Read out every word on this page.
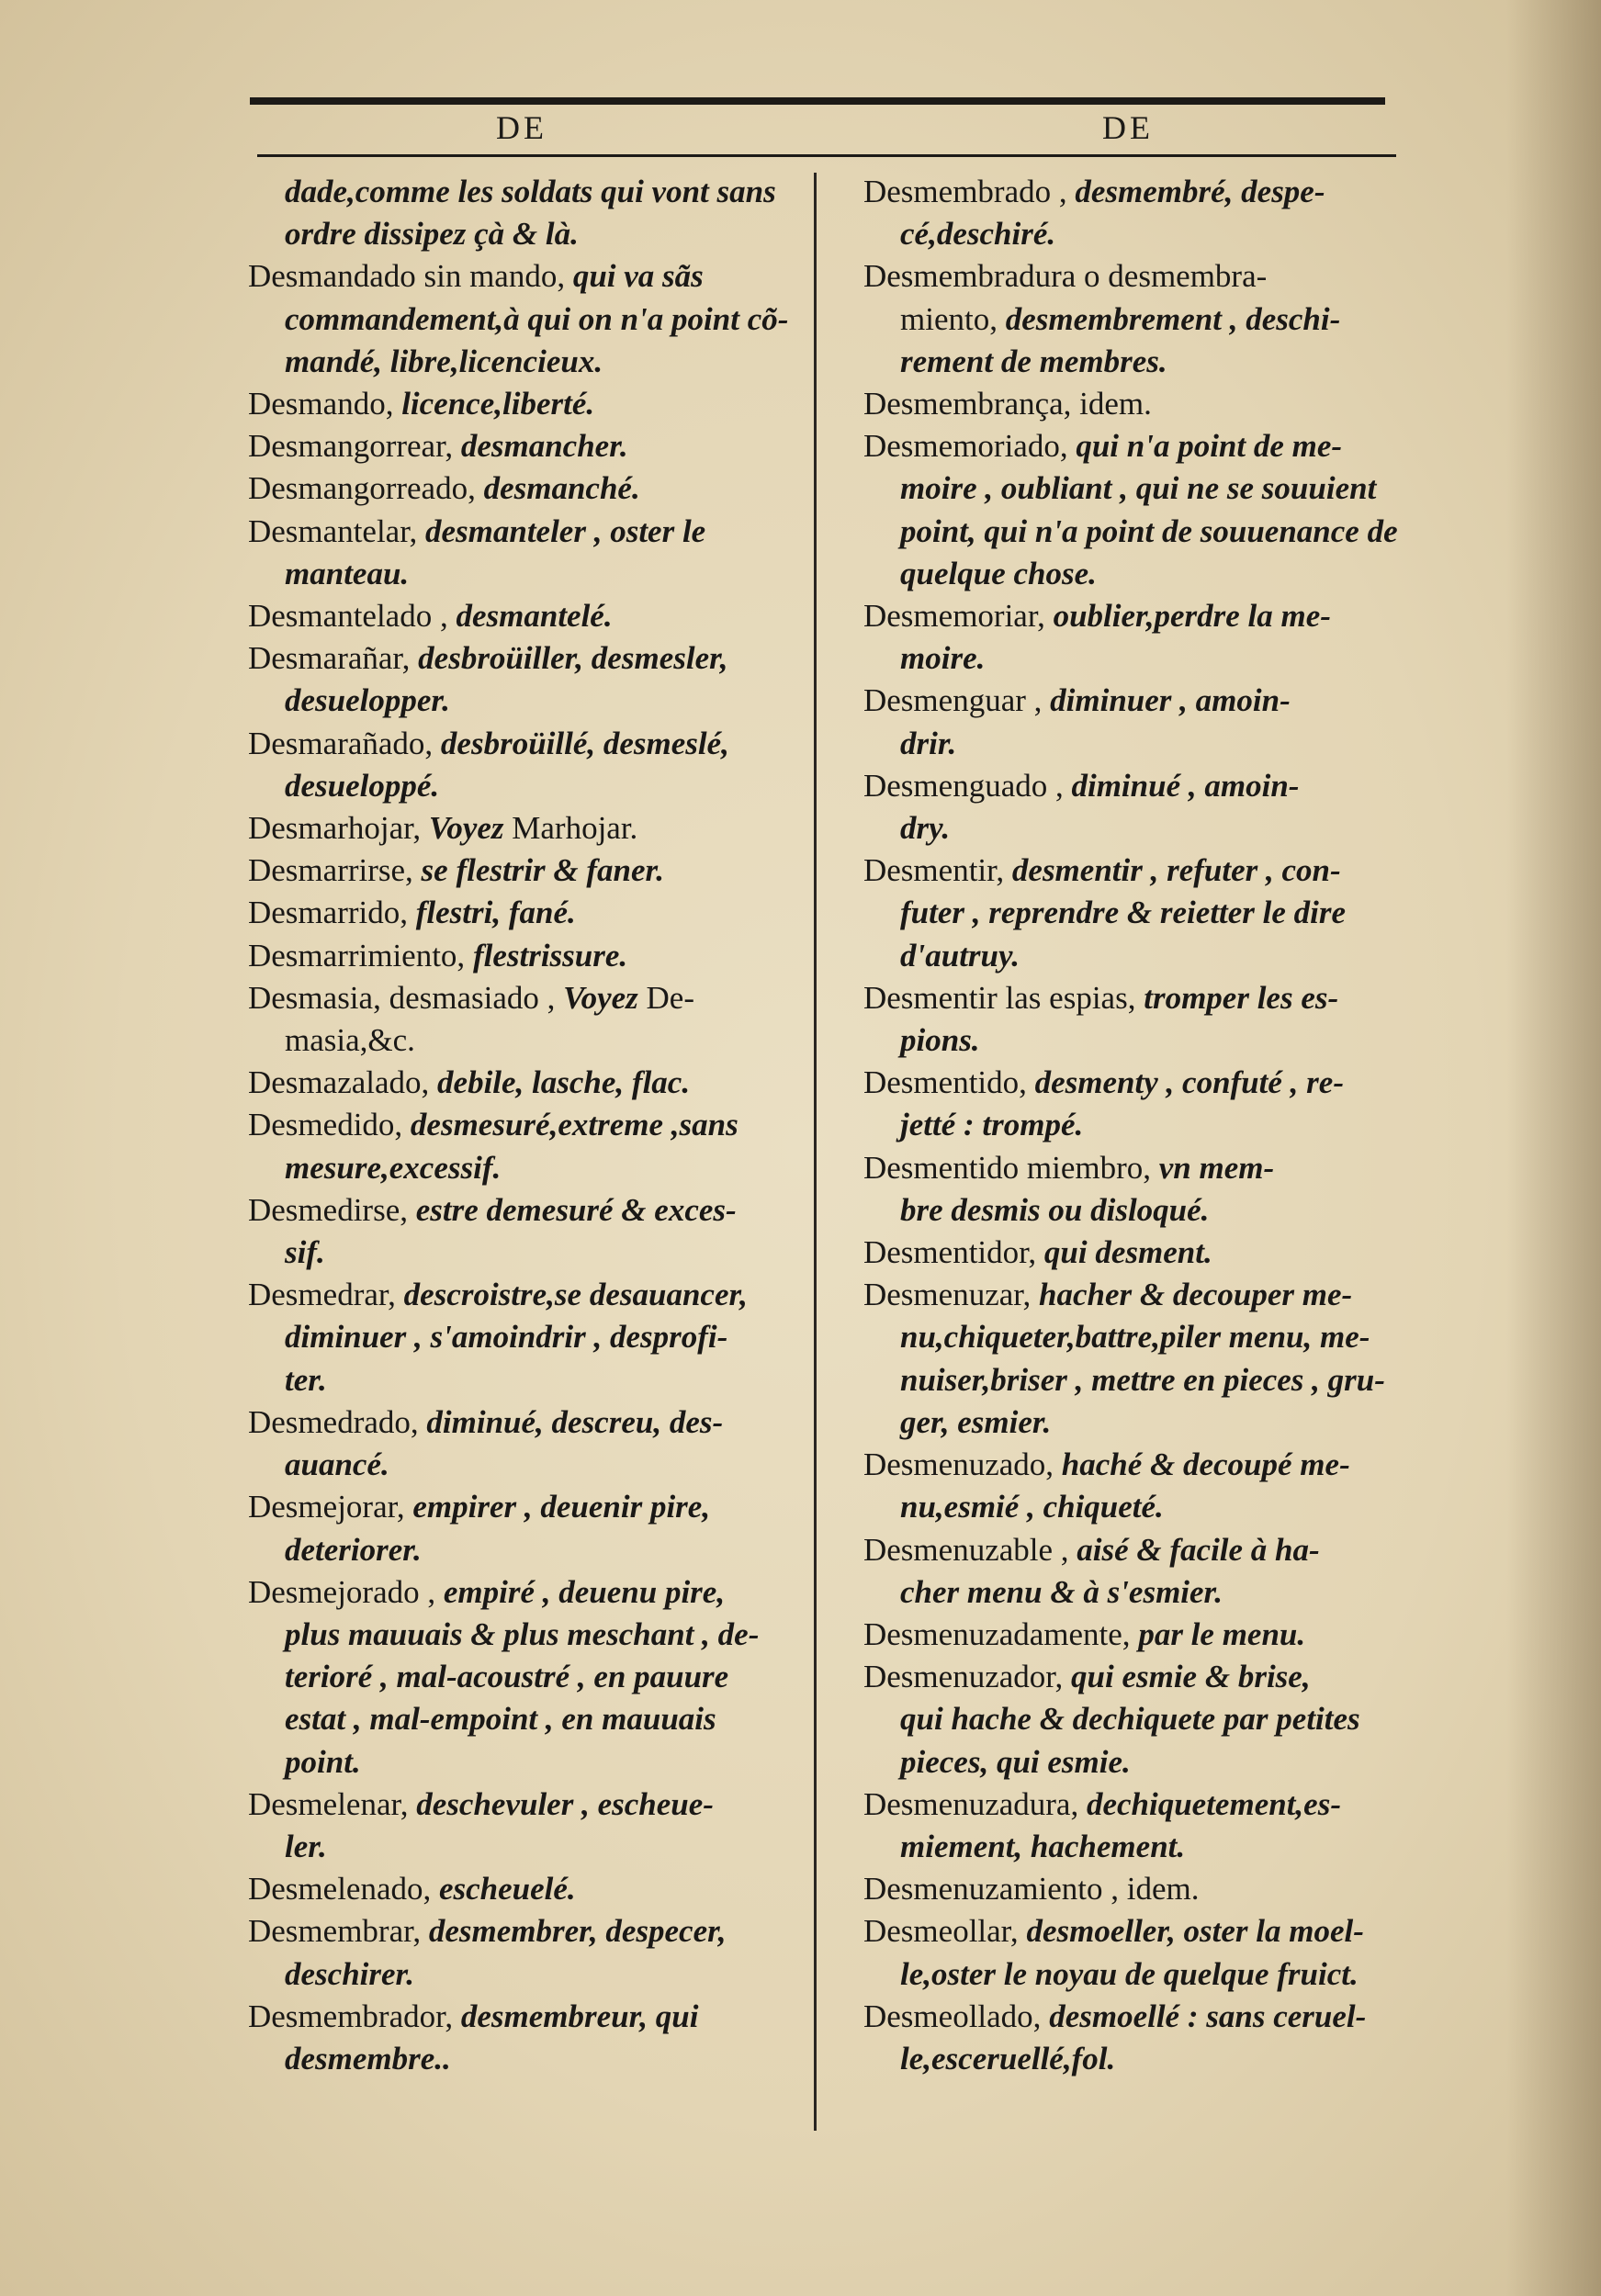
DE	DE
dade,comme les soldats qui vont sans
ordre dissipez çà & là.
Desmandado sin mando, qui va sãs
commandement,à qui on n'a point cõ-
mandé, libre,licencieux.
Desmando, licence,liberté.
Desmangorrear, desmancher.
Desmangorreado, desmanché.
Desmantelar, desmanteler , oster le
manteau.
Desmantelado , desmantelé.
Desmarañar, desbroüiller, desmesler,
desuelopper.
Desmarañado, desbroüillé, desmeslé,
desueloppé.
Desmarhojar, Voyez Marhojar.
Desmarrirse, se flestrir & faner.
Desmarrido, flestri, fané.
Desmarrimiento, flestrissure.
Desmasia, desmasiado , Voyez De-
masia,&c.
Desmazalado, debile, lasche, flac.
Desmedido, desmesuré,extreme ,sans
mesure,excessif.
Desmedirse, estre demesuré & exces-
sif.
Desmedrar, descroistre,se desauancer,
diminuer , s'amoindrir , desprofi-
ter.
Desmedrado, diminué, descreu, des-
auancé.
Desmejorar, empirer , deuenir pire,
deteriorer.
Desmejorado , empiré , deuenu pire,
plus mauuais & plus meschant , de-
terioré , mal-acoustré , en pauure
estat , mal-empoint , en mauuais
point.
Desmelenar, deschevuler , escheue-
ler.
Desmelenado, escheuelé.
Desmembrar, desmembrer, despecer,
deschirer.
Desmembrador, desmembreur, qui
desmembre..
Desmembrado , desmembré, despe-
cé,deschiré.
Desmembradura o desmembra-
miento, desmembrement , deschi-
rement de membres.
Desmembrança, idem.
Desmemoriado, qui n'a point de me-
moire , oubliant , qui ne se souuient
point, qui n'a point de souuenance de
quelque chose.
Desmemoriar, oublier,perdre la me-
moire.
Desmenguar , diminuer , amoin-
drir.
Desmenguado , diminué , amoin-
dry.
Desmentir, desmentir , refuter , con-
futer , reprendre & reietter le dire
d'autruy.
Desmentir las espias, tromper les es-
pions.
Desmentido, desmenty , confuté , re-
jetté : trompé.
Desmentido miembro, vn mem-
bre desmis ou disloqué.
Desmentidor, qui desment.
Desmenuzar, hacher & decouper me-
nu,chiqueter,battre,piler menu, me-
nuiser,briser , mettre en pieces , gru-
ger, esmier.
Desmenuzado, haché & decoupé me-
nu,esmié , chiqueté.
Desmenuzable , aisé & facile à ha-
cher menu & à s'esmier.
Desmenuzadamente, par le menu.
Desmenuzador, qui esmie & brise,
qui hache & dechiquete par petites
pieces, qui esmie.
Desmenuzadura, dechiquetement,es-
miement, hachement.
Desmenuzamiento , idem.
Desmeollar, desmoeller, oster la moel-
le,oster le noyau de quelque fruict.
Desmeollado, desmoellé : sans ceruel-
le,esceruellé,fol.
